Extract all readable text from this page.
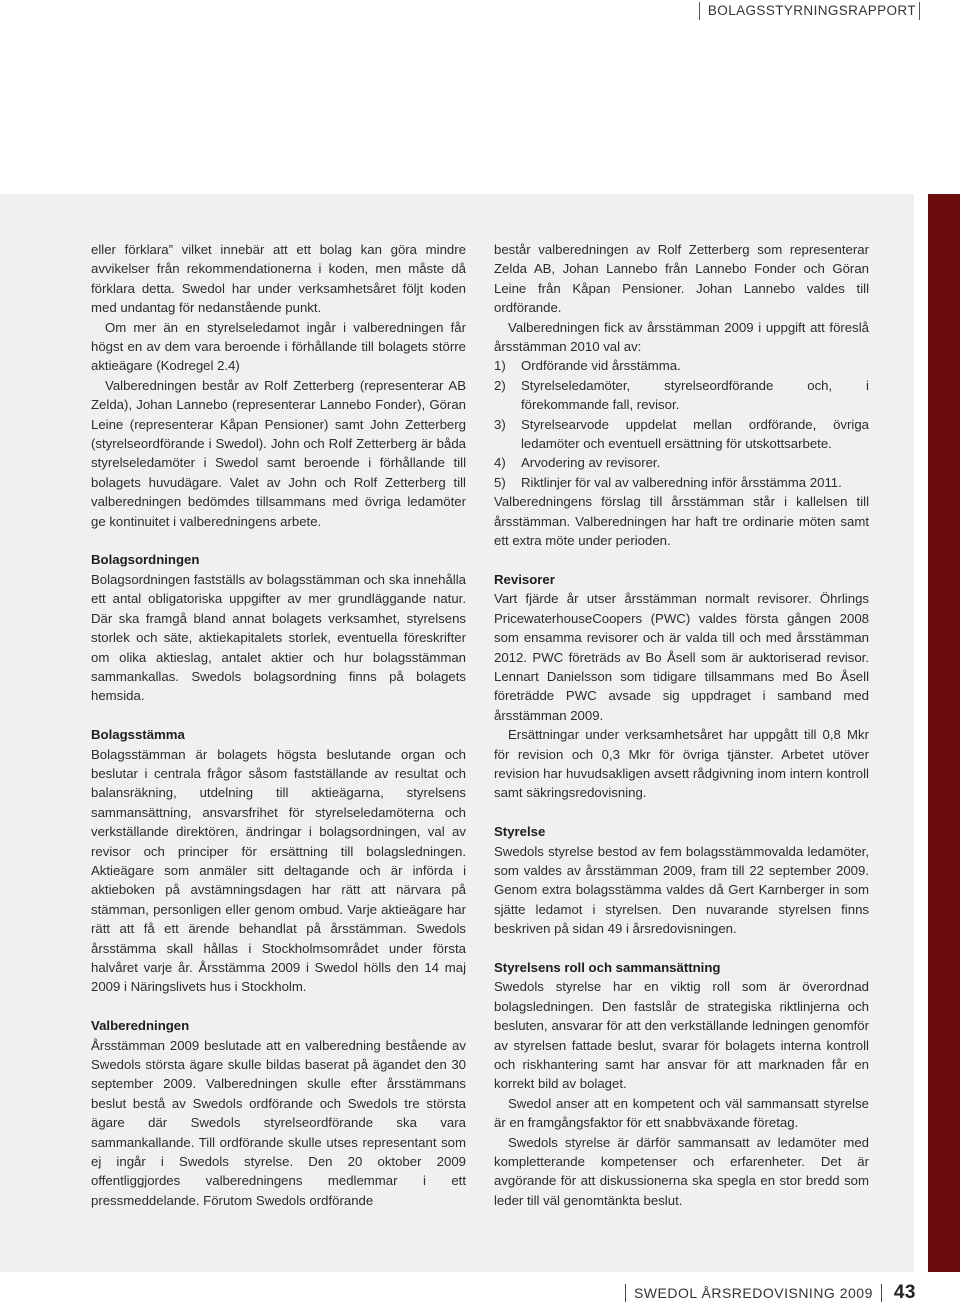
BOLAGSSTYRNINGSRAPPORT

eller förklara” vilket innebär att ett bolag kan göra mindre avvikelser från rekommendationerna i koden, men måste då förklara detta. Swedol har under verksamhetsåret följt koden med undantag för nedanstående punkt.

Om mer än en styrelseledamot ingår i valberedningen får högst en av dem vara beroende i förhållande till bolagets större aktieägare (Kodregel 2.4)

Valberedningen består av Rolf Zetterberg (representerar AB Zelda), Johan Lannebo (representerar Lannebo Fonder), Göran Leine (representerar Kåpan Pensioner) samt John Zetterberg (styrelseordförande i Swedol). John och Rolf Zetterberg är båda styrelseledamöter i Swedol samt beroende i förhållande till bolagets huvudägare. Valet av John och Rolf Zetterberg till valberedningen bedömdes tillsammans med övriga ledamöter ge kontinuitet i valberedningens arbete.

Bolagsordningen

Bolagsordningen fastställs av bolagsstämman och ska innehålla ett antal obligatoriska uppgifter av mer grundläggande natur. Där ska framgå bland annat bolagets verksamhet, styrelsens storlek och säte, aktiekapitalets storlek, eventuella föreskrifter om olika aktieslag, antalet aktier och hur bolagsstämman sammankallas. Swedols bolagsordning finns på bolagets hemsida.

Bolagsstämma

Bolagsstämman är bolagets högsta beslutande organ och beslutar i centrala frågor såsom fastställande av resultat och balansräkning, utdelning till aktieägarna, styrelsens sammansättning, ansvarsfrihet för styrelseledamöterna och verkställande direktören, ändringar i bolagsordningen, val av revisor och principer för ersättning till bolagsledningen. Aktieägare som anmäler sitt deltagande och är införda i aktieboken på avstämningsdagen har rätt att närvara på stämman, personligen eller genom ombud. Varje aktieägare har rätt att få ett ärende behandlat på årsstämman. Swedols årsstämma skall hållas i Stockholmsområdet under första halvåret varje år. Årsstämma 2009 i Swedol hölls den 14 maj 2009 i Näringslivets hus i Stockholm.

Valberedningen

Årsstämman 2009 beslutade att en valberedning bestående av Swedols största ägare skulle bildas baserat på ägandet den 30 september 2009. Valberedningen skulle efter årsstämmans beslut bestå av Swedols ordförande och Swedols tre största ägare där Swedols styrelseordförande ska vara sammankallande. Till ordförande skulle utses representant som ej ingår i Swedols styrelse. Den 20 oktober 2009 offentliggjordes valberedningens medlemmar i ett pressmeddelande. Förutom Swedols ordförande

består valberedningen av Rolf Zetterberg som representerar Zelda AB, Johan Lannebo från Lannebo Fonder och Göran Leine från Kåpan Pensioner. Johan Lannebo valdes till ordförande.

Valberedningen fick av årsstämman 2009 i uppgift att föreslå årsstämman 2010 val av:

1)	Ordförande vid årsstämma.
2)	Styrelseledamöter, styrelseordförande och, i förekommande fall, revisor.
3)	Styrelsearvode uppdelat mellan ordförande, övriga ledamöter och eventuell ersättning för utskottsarbete.
4)	Arvodering av revisorer.
5)	Riktlinjer för val av valberedning inför årsstämma 2011.

Valberedningens förslag till årsstämman står i kallelsen till årsstämman. Valberedningen har haft tre ordinarie möten samt ett extra möte under perioden.

Revisorer

Vart fjärde år utser årsstämman normalt revisorer. Öhrlings PricewaterhouseCoopers (PWC) valdes första gången 2008 som ensamma revisorer och är valda till och med årsstämman 2012. PWC företräds av Bo Åsell som är auktoriserad revisor. Lennart Danielsson som tidigare tillsammans med Bo Åsell företrädde PWC avsade sig uppdraget i samband med årsstämman 2009.

Ersättningar under verksamhetsåret har uppgått till 0,8 Mkr för revision och 0,3 Mkr för övriga tjänster. Arbetet utöver revision har huvudsakligen avsett rådgivning inom intern kontroll samt säkringsredovisning.

Styrelse

Swedols styrelse bestod av fem bolagsstämmovalda ledamöter, som valdes av årsstämman 2009, fram till 22 september 2009. Genom extra bolagsstämma valdes då Gert Karnberger in som sjätte ledamot i styrelsen. Den nuvarande styrelsen finns beskriven på sidan 49 i årsredovisningen.

Styrelsens roll och sammansättning

Swedols styrelse har en viktig roll som är överordnad bolagsledningen. Den fastslår de strategiska riktlinjerna och besluten, ansvarar för att den verkställande ledningen genomför av styrelsen fattade beslut, svarar för bolagets interna kontroll och riskhantering samt har ansvar för att marknaden får en korrekt bild av bolaget.

Swedol anser att en kompetent och väl sammansatt styrelse är en framgångsfaktor för ett snabbväxande företag.

Swedols styrelse är därför sammansatt av ledamöter med kompletterande kompetenser och erfarenheter. Det är avgörande för att diskussionerna ska spegla en stor bredd som leder till väl genomtänkta beslut.

SWEDOL ÅRSREDOVISNING 2009 43
